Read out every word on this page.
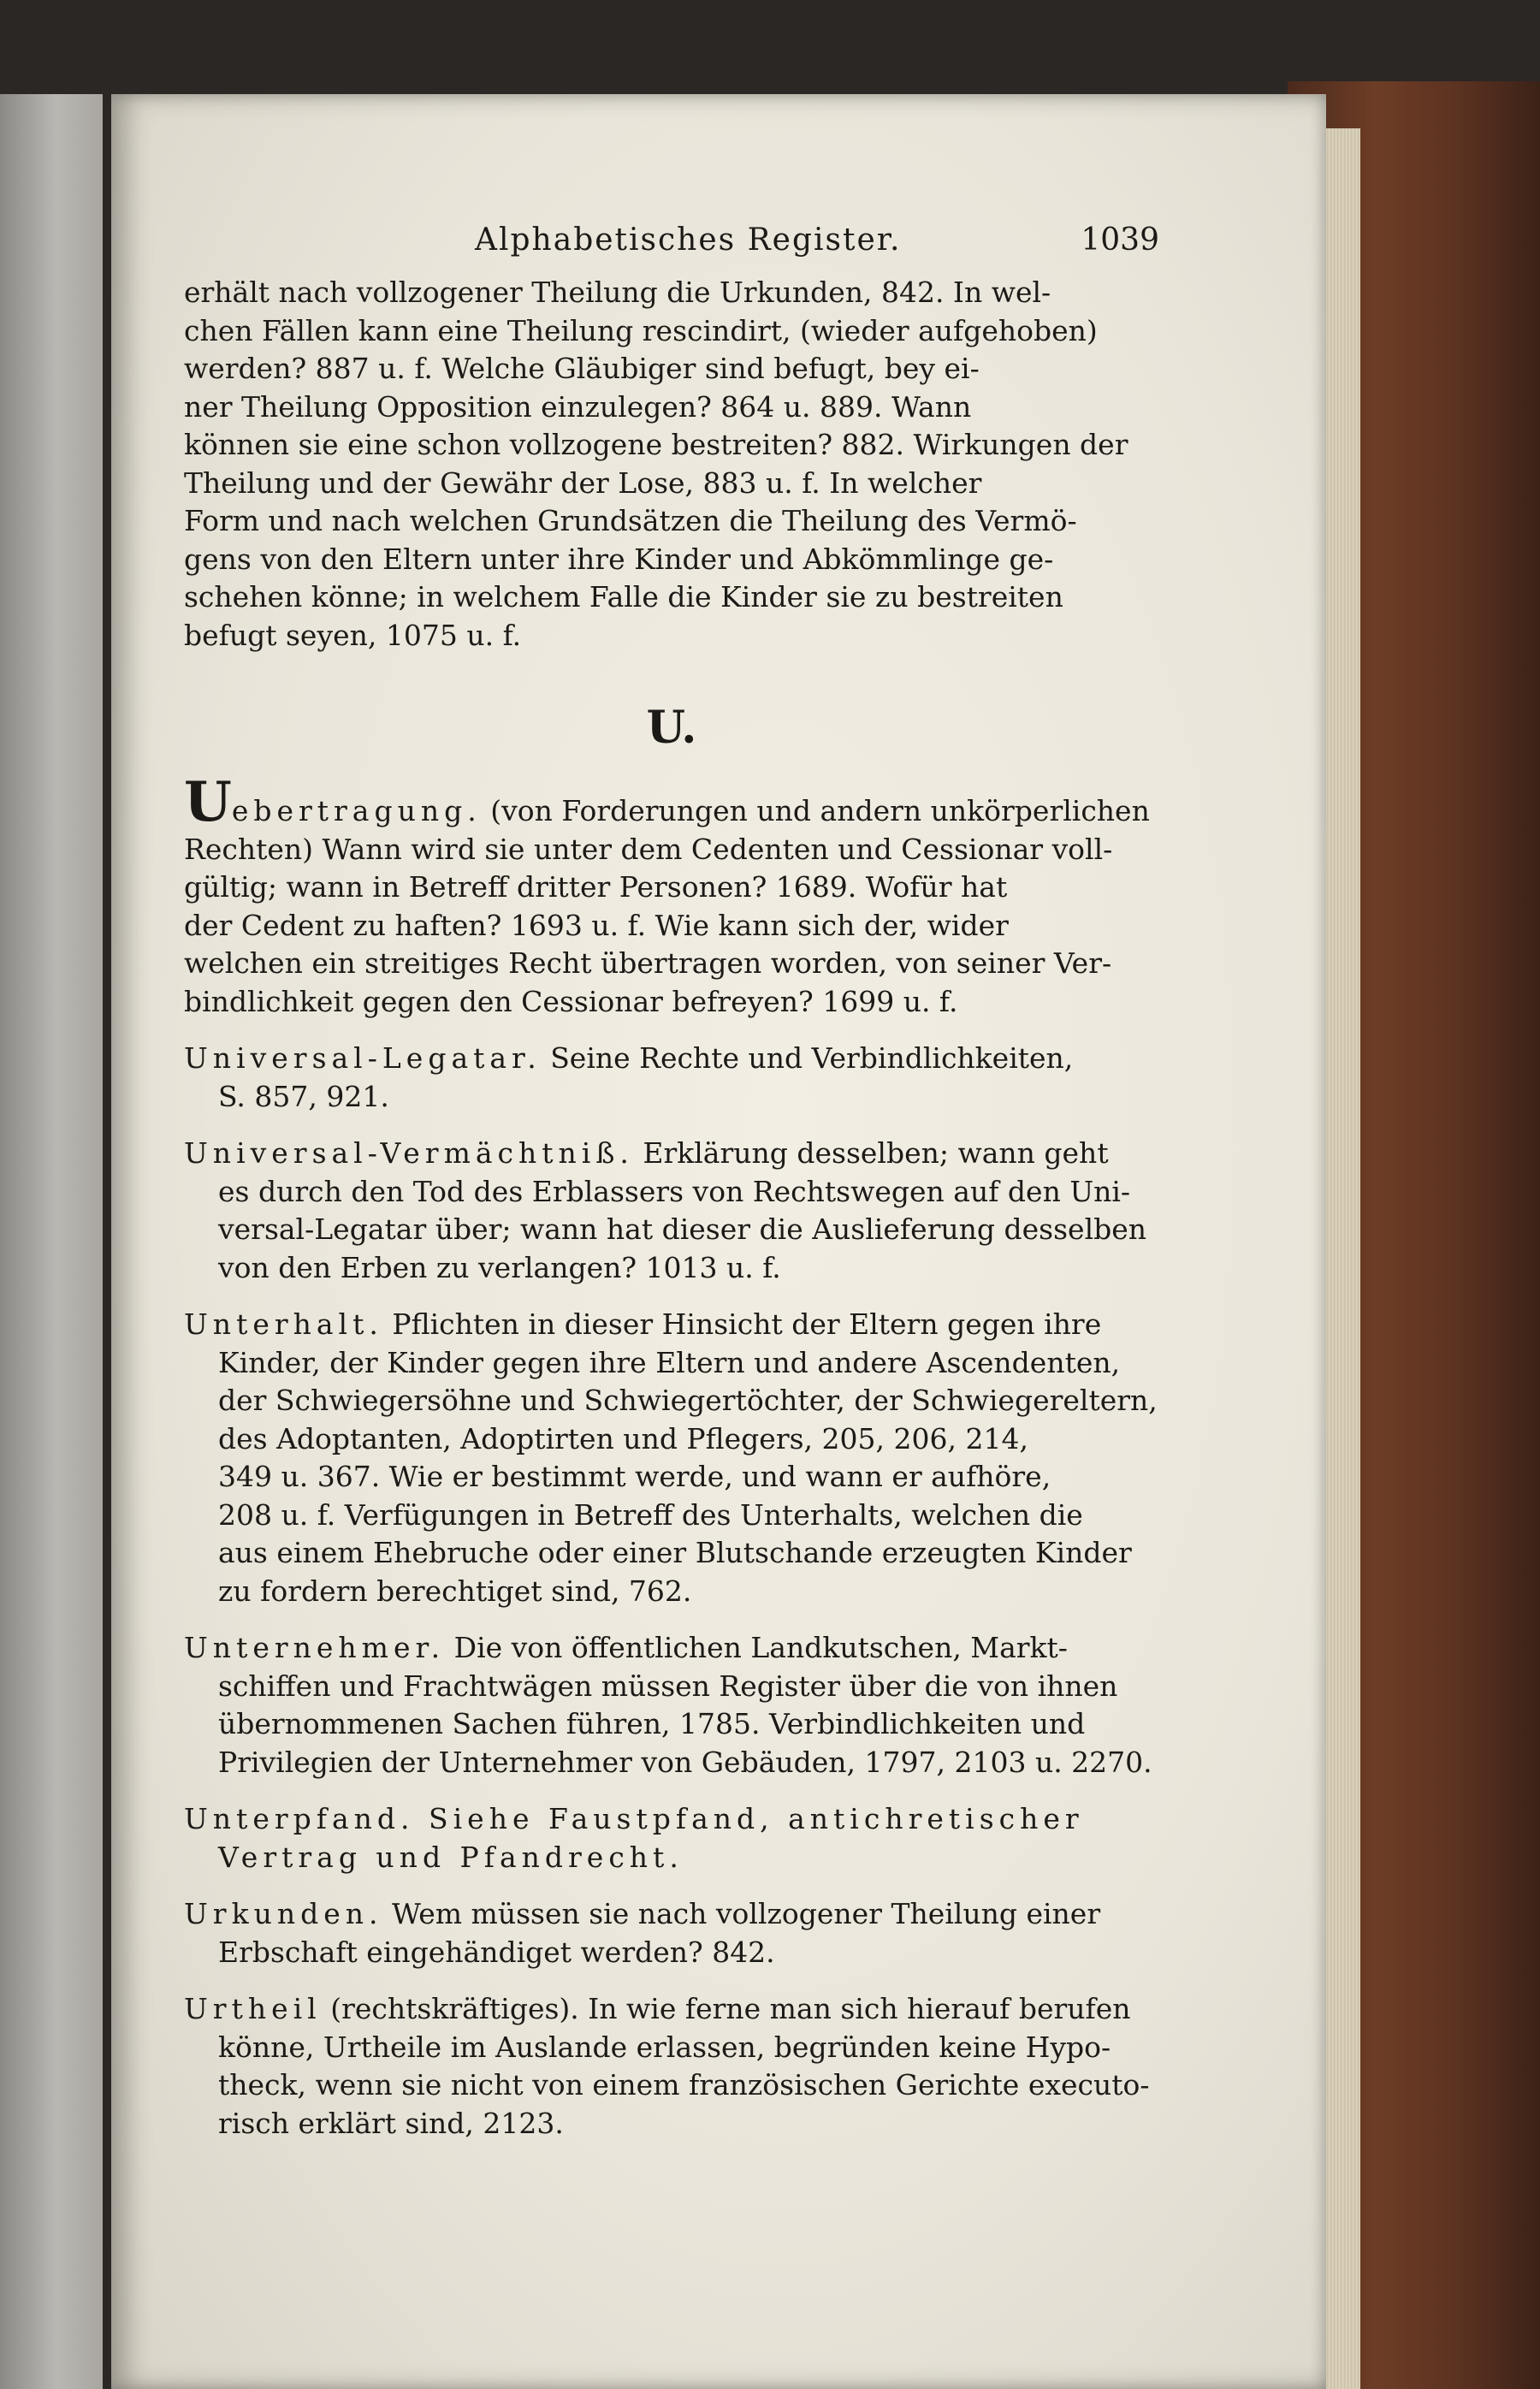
Alphabetisches Register.	1039

erhält nach vollzogener Theilung die Urkunden, 842. In wel-
chen Fällen kann eine Theilung rescindirt, (wieder aufgehoben)
werden? 887 u. f. Welche Gläubiger sind befugt, bey ei-
ner Theilung Opposition einzulegen? 864 u. 889. Wann
können sie eine schon vollzogene bestreiten? 882. Wirkungen der
Theilung und der Gewähr der Lose, 883 u. f. In welcher
Form und nach welchen Grundsätzen die Theilung des Vermö-
gens von den Eltern unter ihre Kinder und Abkömmlinge ge-
schehen könne; in welchem Falle die Kinder sie zu bestreiten
befugt seyen, 1075 u. f.

U.

Uebertragung. (von Forderungen und andern unkörperlichen
Rechten) Wann wird sie unter dem Cedenten und Cessionar voll-
gültig; wann in Betreff dritter Personen? 1689. Wofür hat
der Cedent zu haften? 1693 u. f. Wie kann sich der, wider
welchen ein streitiges Recht übertragen worden, von seiner Ver-
bindlichkeit gegen den Cessionar befreyen? 1699 u. f.

Universal-Legatar. Seine Rechte und Verbindlichkeiten,
S. 857, 921.

Universal-Vermächtniß. Erklärung desselben; wann geht
es durch den Tod des Erblassers von Rechtswegen auf den Uni-
versal-Legatar über; wann hat dieser die Auslieferung desselben
von den Erben zu verlangen? 1013 u. f.

Unterhalt. Pflichten in dieser Hinsicht der Eltern gegen ihre
Kinder, der Kinder gegen ihre Eltern und andere Ascendenten,
der Schwiegersöhne und Schwiegertöchter, der Schwiegereltern,
des Adoptanten, Adoptirten und Pflegers, 205, 206, 214,
349 u. 367. Wie er bestimmt werde, und wann er aufhöre,
208 u. f. Verfügungen in Betreff des Unterhalts, welchen die
aus einem Ehebruche oder einer Blutschande erzeugten Kinder
zu fordern berechtiget sind, 762.

Unternehmer. Die von öffentlichen Landkutschen, Markt-
schiffen und Frachtwägen müssen Register über die von ihnen
übernommenen Sachen führen, 1785. Verbindlichkeiten und
Privilegien der Unternehmer von Gebäuden, 1797, 2103 u. 2270.

Unterpfand. Siehe Faustpfand, antichretischer
Vertrag und Pfandrecht.

Urkunden. Wem müssen sie nach vollzogener Theilung einer
Erbschaft eingehändiget werden? 842.

Urtheil (rechtskräftiges). In wie ferne man sich hierauf berufen
könne, Urtheile im Auslande erlassen, begründen keine Hypo-
theck, wenn sie nicht von einem französischen Gerichte executo-
risch erklärt sind, 2123.
